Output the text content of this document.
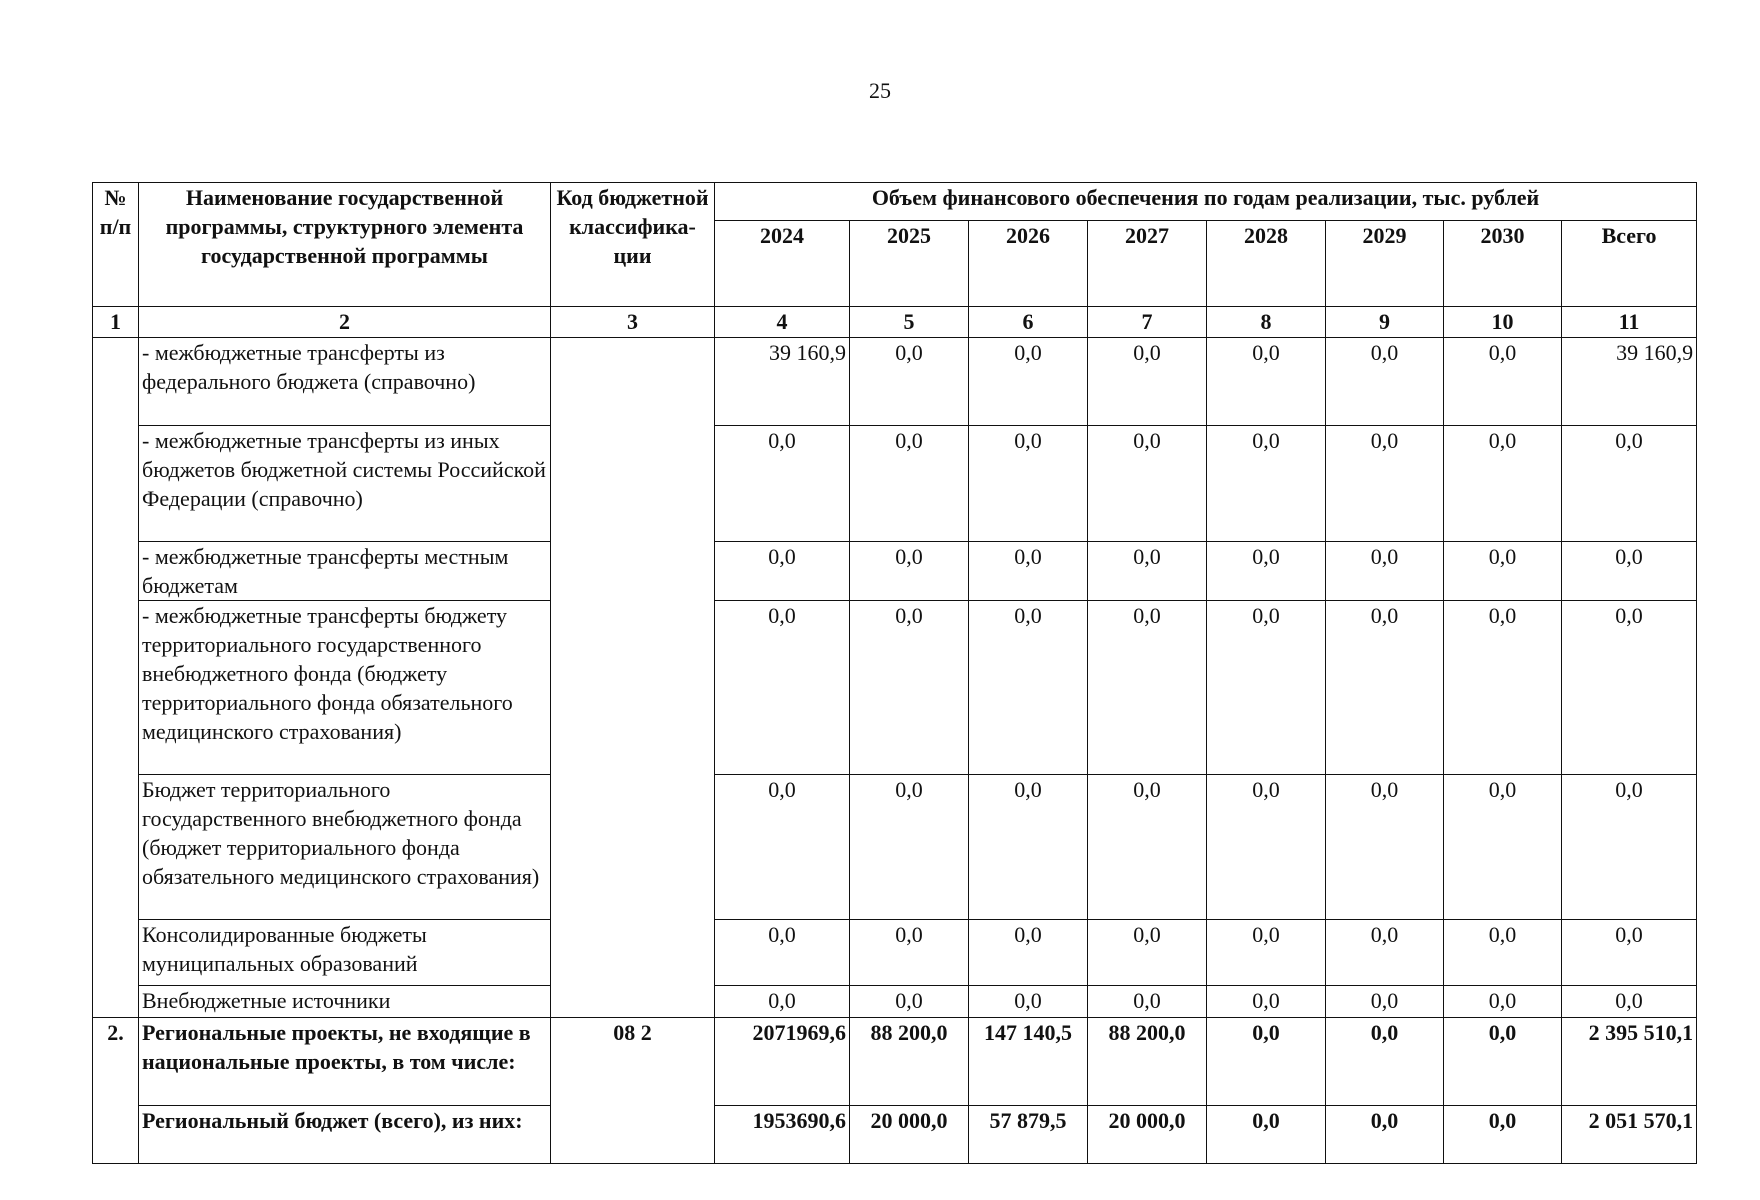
25
№ п/п	Наименование государственной программы, структурного элемента государственной программы	Код бюджетной классифика-ции	Объем финансового обеспечения по годам реализации, тыс. рублей							
			2024	2025	2026	2027	2028	2029	2030	Всего
1	2	3	4	5	6	7	8	9	10	11
	- межбюджетные трансферты из федерального бюджета (справочно)		39 160,9	0,0	0,0	0,0	0,0	0,0	0,0	39 160,9
	- межбюджетные трансферты из иных бюджетов бюджетной системы Российской Федерации (справочно)		0,0	0,0	0,0	0,0	0,0	0,0	0,0	0,0
	- межбюджетные трансферты местным бюджетам		0,0	0,0	0,0	0,0	0,0	0,0	0,0	0,0
	- межбюджетные трансферты бюджету территориального государственного внебюджетного фонда (бюджету территориального фонда обязательного медицинского страхования)		0,0	0,0	0,0	0,0	0,0	0,0	0,0	0,0
	Бюджет территориального государственного внебюджетного фонда (бюджет территориального фонда обязательного медицинского страхования)		0,0	0,0	0,0	0,0	0,0	0,0	0,0	0,0
	Консолидированные бюджеты муниципальных образований		0,0	0,0	0,0	0,0	0,0	0,0	0,0	0,0
	Внебюджетные источники		0,0	0,0	0,0	0,0	0,0	0,0	0,0	0,0
2.	Региональные проекты, не входящие в национальные проекты, в том числе:	08 2	2071969,6	88 200,0	147 140,5	88 200,0	0,0	0,0	0,0	2 395 510,1
	Региональный бюджет (всего), из них:		1953690,6	20 000,0	57 879,5	20 000,0	0,0	0,0	0,0	2 051 570,1
